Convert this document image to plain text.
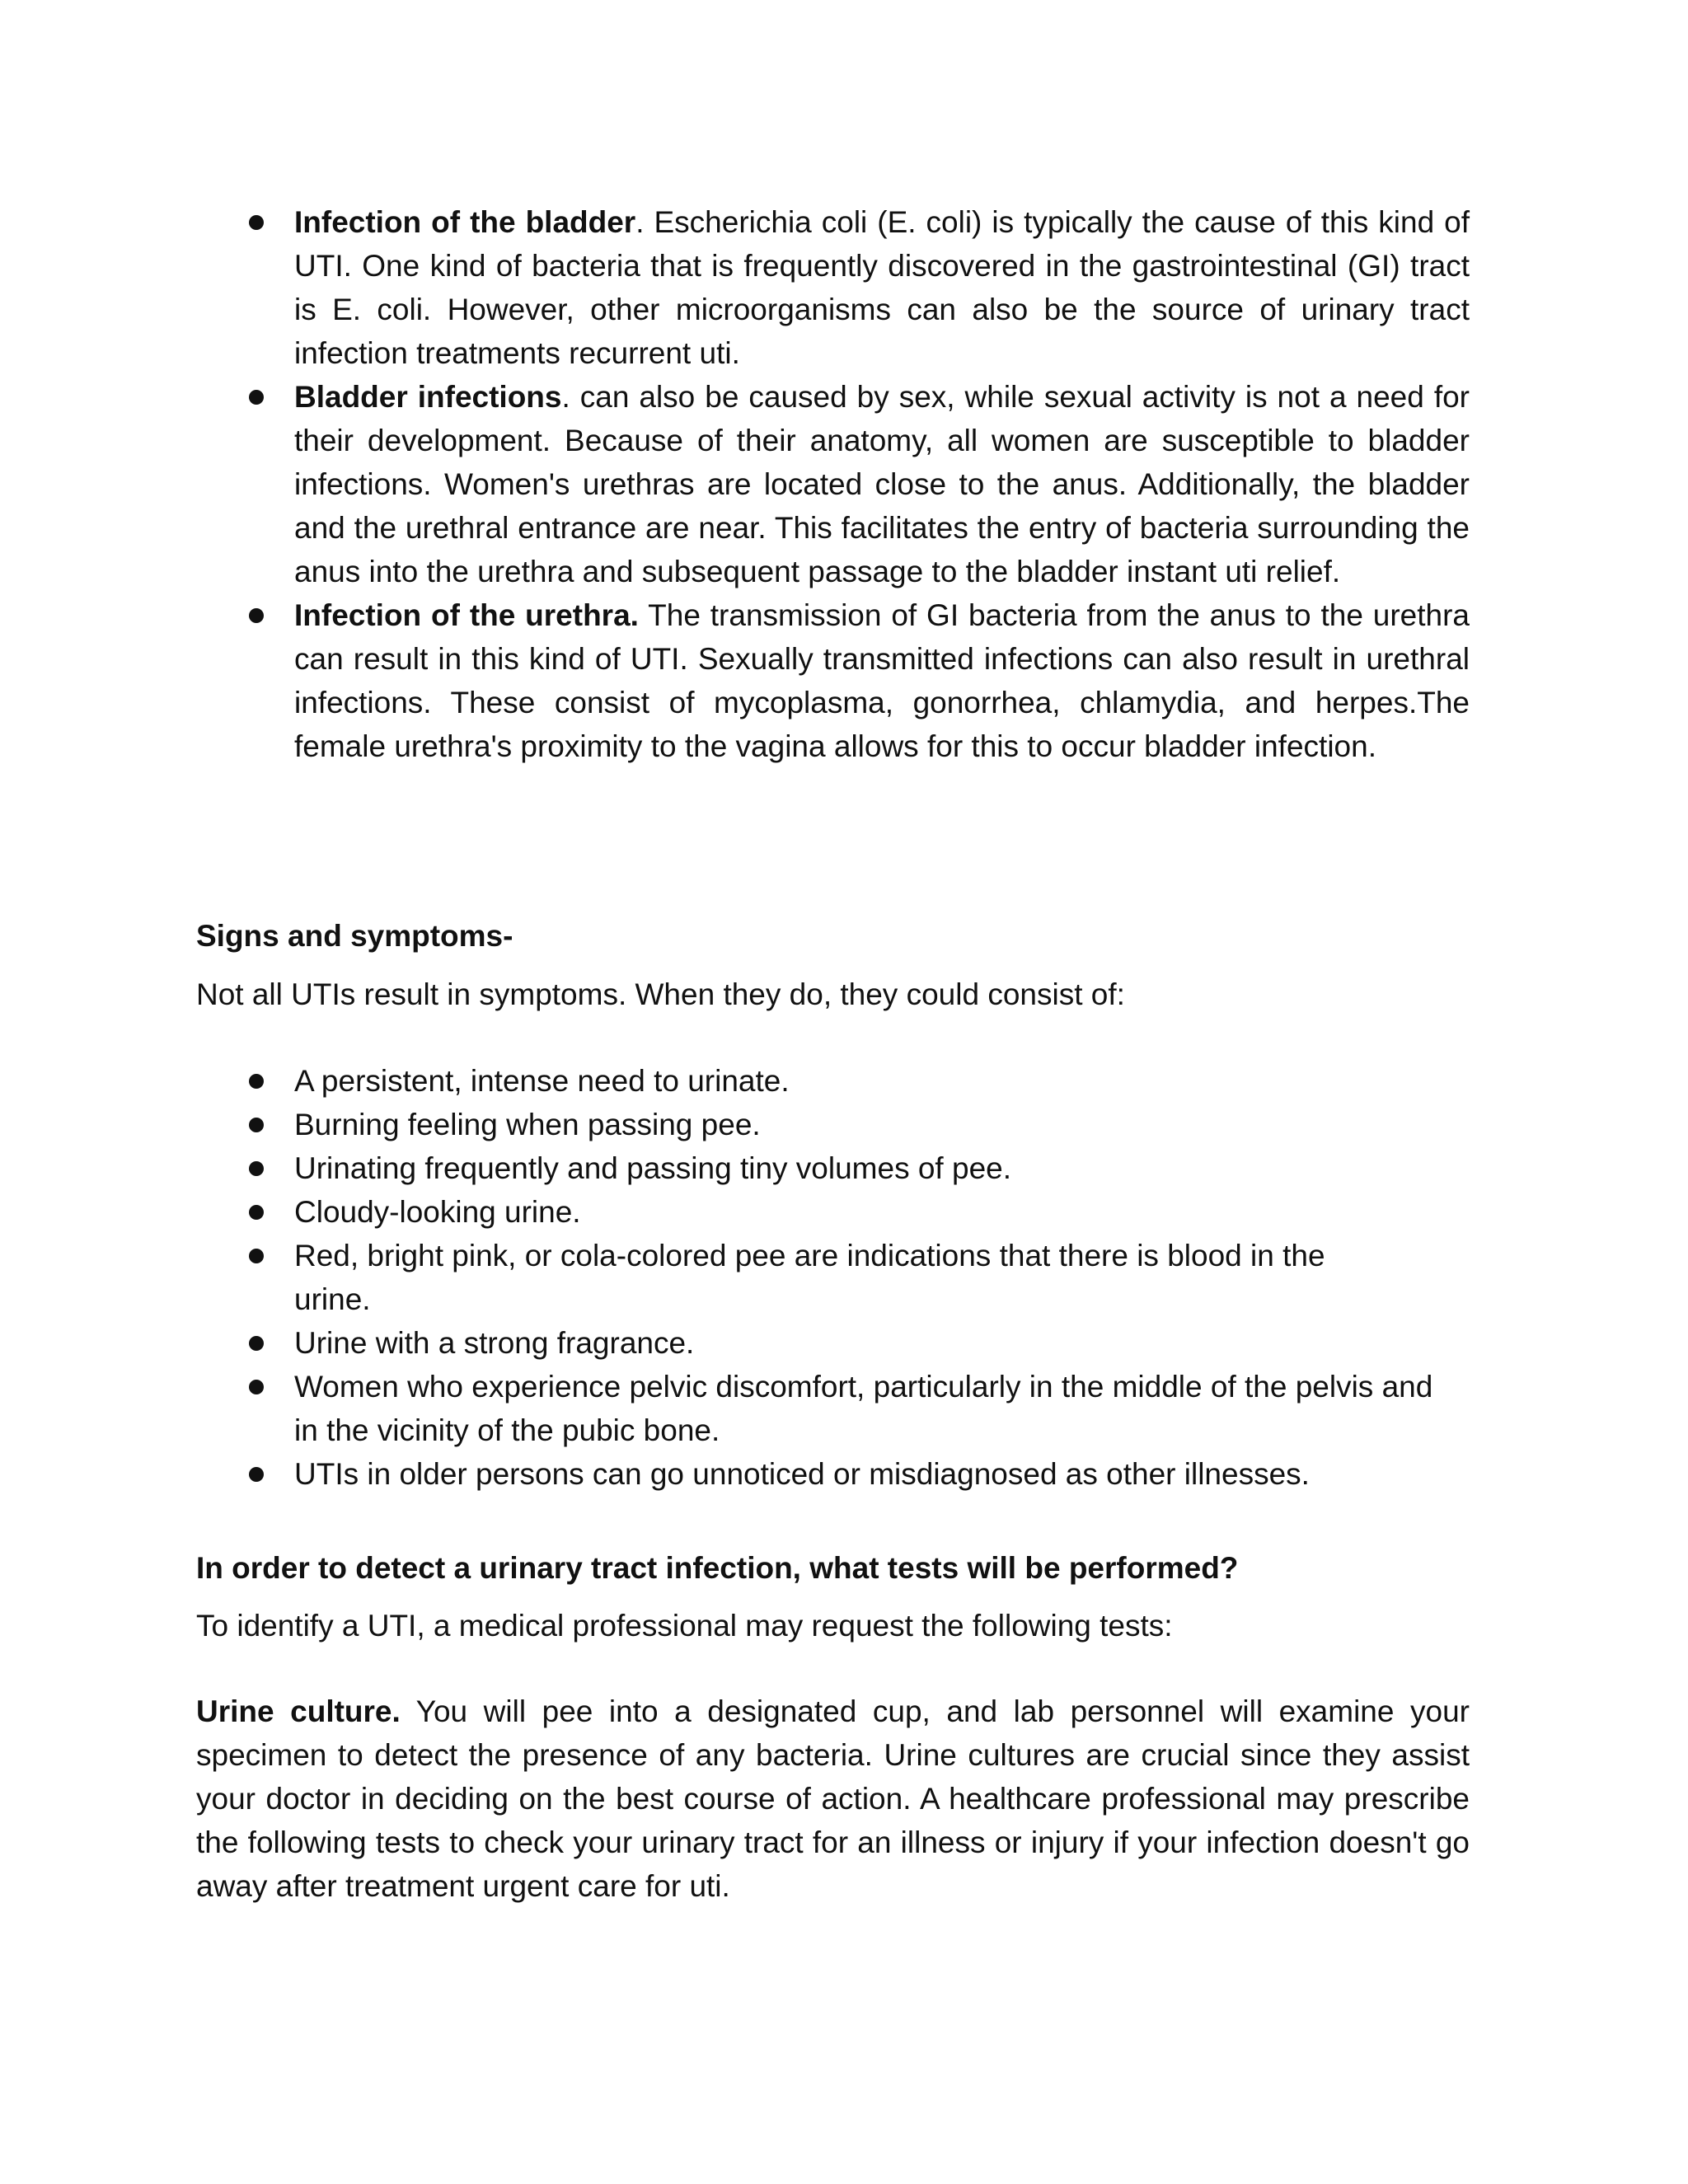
Infection of the bladder. Escherichia coli (E. coli) is typically the cause of this kind of UTI. One kind of bacteria that is frequently discovered in the gastrointestinal (GI) tract is E. coli. However, other microorganisms can also be the source of urinary tract infection treatments recurrent uti.
Bladder infections. can also be caused by sex, while sexual activity is not a need for their development. Because of their anatomy, all women are susceptible to bladder infections. Women's urethras are located close to the anus. Additionally, the bladder and the urethral entrance are near. This facilitates the entry of bacteria surrounding the anus into the urethra and subsequent passage to the bladder instant uti relief.
Infection of the urethra. The transmission of GI bacteria from the anus to the urethra can result in this kind of UTI. Sexually transmitted infections can also result in urethral infections. These consist of mycoplasma, gonorrhea, chlamydia, and herpes.The female urethra's proximity to the vagina allows for this to occur bladder infection.
Signs and symptoms-
Not all UTIs result in symptoms. When they do, they could consist of:
A persistent, intense need to urinate.
Burning feeling when passing pee.
Urinating frequently and passing tiny volumes of pee.
Cloudy-looking urine.
Red, bright pink, or cola-colored pee are indications that there is blood in the urine.
Urine with a strong fragrance.
Women who experience pelvic discomfort, particularly in the middle of the pelvis and in the vicinity of the pubic bone.
UTIs in older persons can go unnoticed or misdiagnosed as other illnesses.
In order to detect a urinary tract infection, what tests will be performed?
To identify a UTI, a medical professional may request the following tests:
Urine culture. You will pee into a designated cup, and lab personnel will examine your specimen to detect the presence of any bacteria. Urine cultures are crucial since they assist your doctor in deciding on the best course of action. A healthcare professional may prescribe the following tests to check your urinary tract for an illness or injury if your infection doesn't go away after treatment urgent care for uti.
